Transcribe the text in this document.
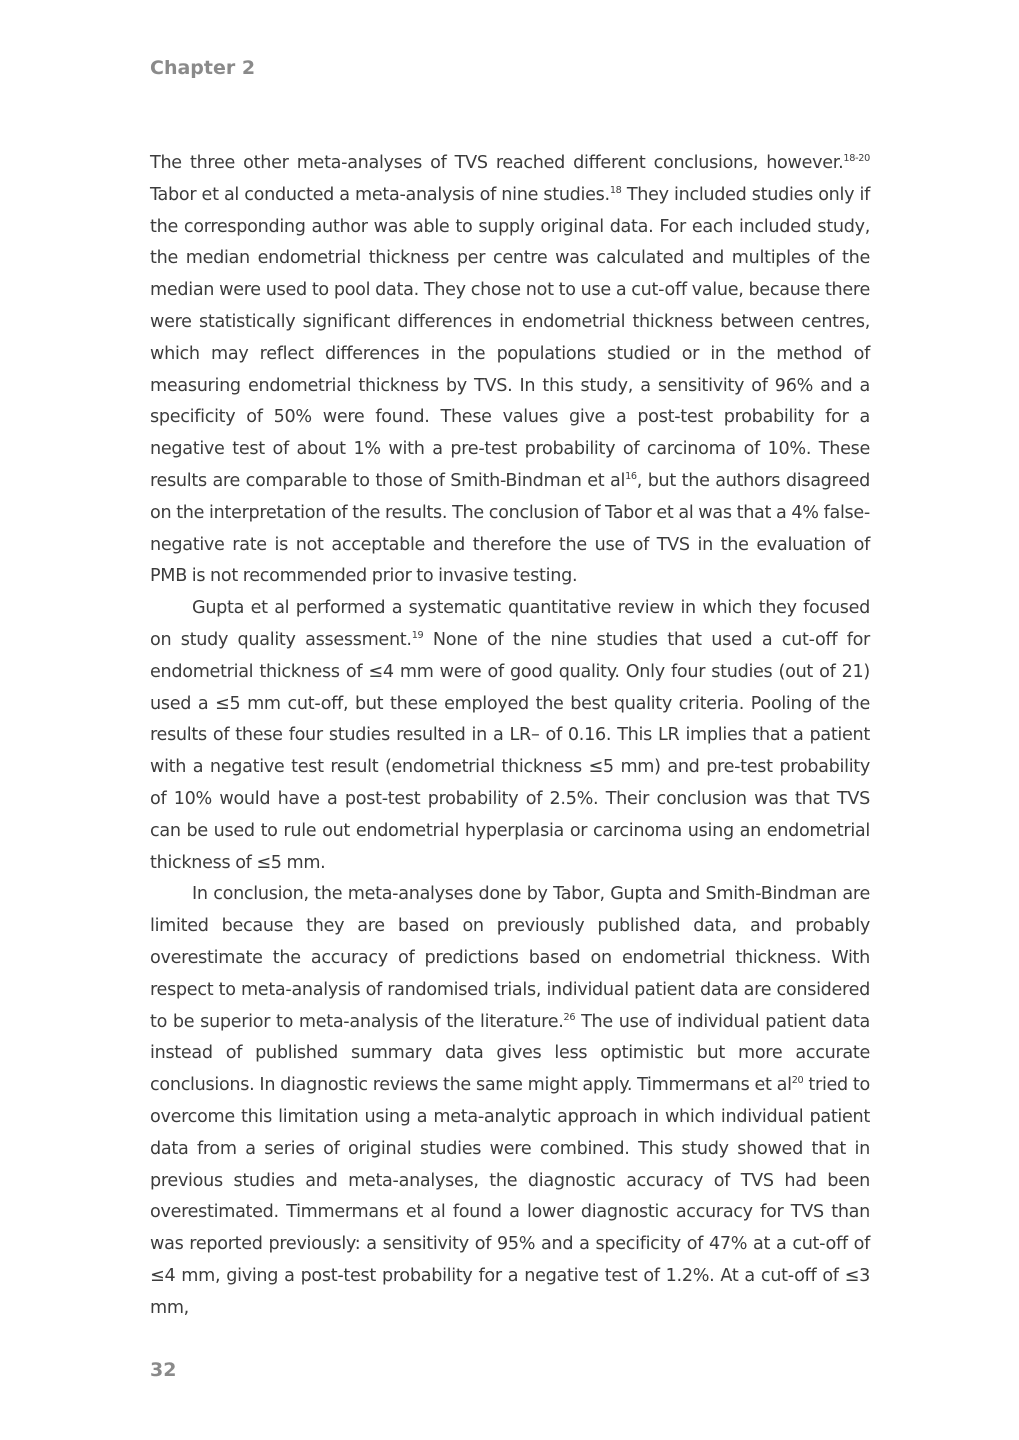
Chapter 2

The three other meta-analyses of TVS reached different conclusions, however.$^{18-20}$ Tabor et al conducted a meta-analysis of nine studies.$^{18}$ They included studies only if the corresponding author was able to supply original data. For each included study, the median endometrial thickness per centre was calculated and multiples of the median were used to pool data. They chose not to use a cut-off value, because there were statistically significant differences in endometrial thickness between centres, which may reflect differences in the populations studied or in the method of measuring endometrial thickness by TVS. In this study, a sensitivity of 96% and a specificity of 50% were found. These values give a post-test probability for a negative test of about 1% with a pre-test probability of carcinoma of 10%. These results are comparable to those of Smith-Bindman et $al^{16}$, but the authors disagreed on the interpretation of the results. The conclusion of Tabor et al was that a 4% false-negative rate is not acceptable and therefore the use of TVS in the evaluation of PMB is not recommended prior to invasive testing.

Gupta et al performed a systematic quantitative review in which they focused on study quality assessment.$^{19}$ None of the nine studies that used a cut-off for endometrial thickness of ≤4 mm were of good quality. Only four studies (out of 21) used a ≤5 mm cut-off, but these employed the best quality criteria. Pooling of the results of these four studies resulted in a LR– of 0.16. This LR implies that a patient with a negative test result (endometrial thickness ≤5 mm) and pre-test probability of 10% would have a post-test probability of 2.5%. Their conclusion was that TVS can be used to rule out endometrial hyperplasia or carcinoma using an endometrial thickness of ≤5 mm.

In conclusion, the meta-analyses done by Tabor, Gupta and Smith-Bindman are limited because they are based on previously published data, and probably overestimate the accuracy of predictions based on endometrial thickness. With respect to meta-analysis of randomised trials, individual patient data are considered to be superior to meta-analysis of the literature.$^{26}$ The use of individual patient data instead of published summary data gives less optimistic but more accurate conclusions. In diagnostic reviews the same might apply. Timmermans et $al^{20}$ tried to overcome this limitation using a meta-analytic approach in which individual patient data from a series of original studies were combined. This study showed that in previous studies and meta-analyses, the diagnostic accuracy of TVS had been overestimated. Timmermans et al found a lower diagnostic accuracy for TVS than was reported previously: a sensitivity of 95% and a specificity of 47% at a cut-off of ≤4 mm, giving a post-test probability for a negative test of 1.2%. At a cut-off of ≤3 mm,

32
